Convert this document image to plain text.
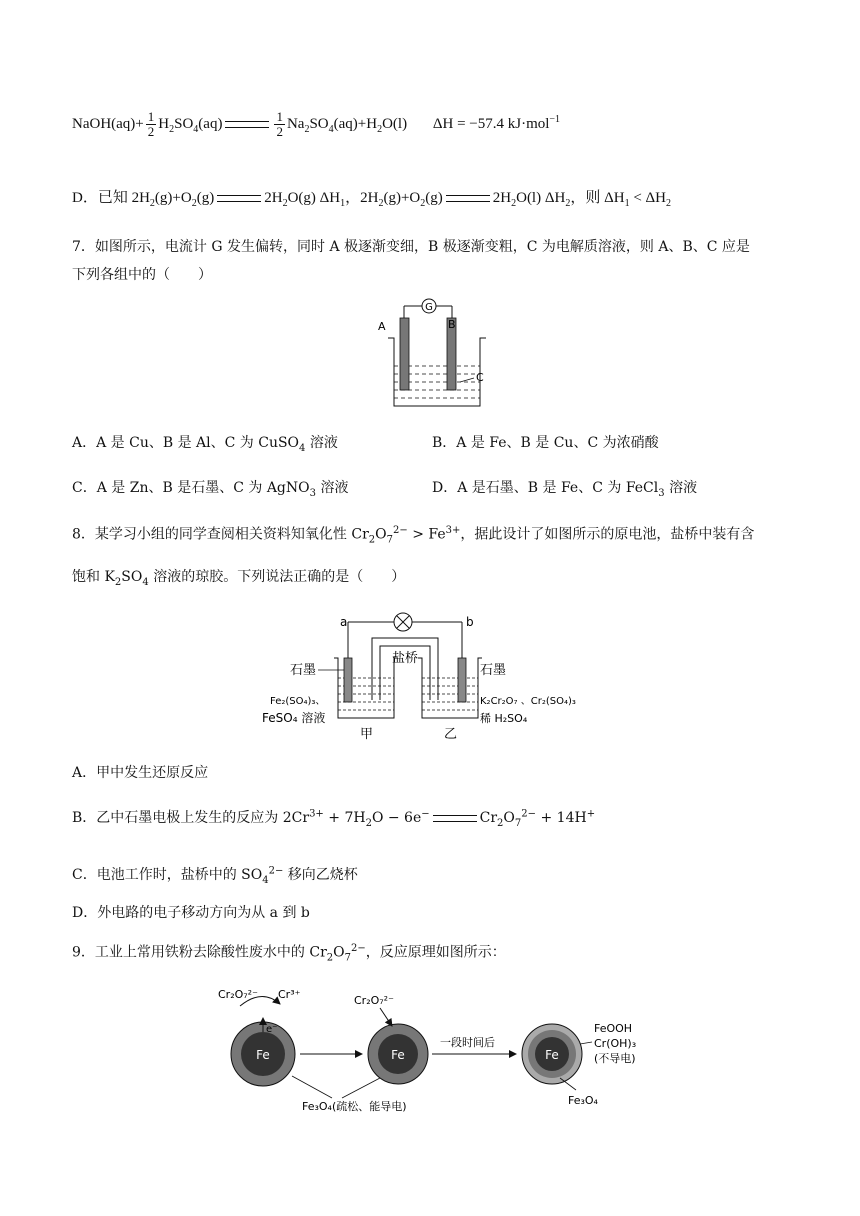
NaOH(aq)+ $\frac{1}{2} H_2SO_4(aq)$	$\frac{1}{2} Na_2SO_4(aq)+H_2O(l) \Delta H = -57.4$ kJ·mol$^{-1}$
D．已知 $2H_2(g)+O_2(g)$	$2H_2O(g)$ $\Delta H_1$，$2H_2(g)+O_2(g)$	$2H_2O(l)$ $\Delta H_2$，则 $\Delta H_1 < \Delta H_2$
7．如图所示，电流计 G 发生偏转，同时 A 极逐渐变细，B 极逐渐变粗，C 为电解质溶液，则 A、B、C 应是
下列各组中的（　　）
G
A	B
C
A．A 是 Cu、B 是 Al、C 为 CuSO$_4$ 溶液	B．A 是 Fe、B 是 Cu、C 为浓硝酸
C．A 是 Zn、B 是石墨、C 为 AgNO$_3$ 溶液	D．A 是石墨、B 是 Fe、C 为 FeCl$_3$ 溶液
8．某学习小组的同学查阅相关资料知氧化性 $Cr_2O_7^{2-} > Fe^{3+}$，据此设计了如图所示的原电池，盐桥中装有含
饱和 $K_2SO_4$ 溶液的琼胶。下列说法正确的是（　　）
a	b
盐桥
石墨	石墨
Fe₂(SO₄)₃、
FeSO₄ 溶液
K₂Cr₂O₇ 、Cr₂(SO₄)₃
稀 H₂SO₄
甲	乙
A．甲中发生还原反应
B．乙中石墨电极上发生的反应为 $2Cr^{3+} + 7H_2O - 6e^-$	$Cr_2O_7^{2-} + 14H^+$
C．电池工作时，盐桥中的 $SO_4^{2-}$ 移向乙烧杯
D．外电路的电子移动方向为从 a 到 b
9．工业上常用铁粉去除酸性废水中的 $Cr_2O_7^{2-}$，反应原理如图所示：
Fe
Cr₂O₇²⁻ Cr³⁺
e⁻
Fe
Cr₂O₇²⁻
Fe₃O₄(疏松、能导电)
一段时间后
Fe
FeOOH
Cr(OH)₃
(不导电)
Fe₃O₄
